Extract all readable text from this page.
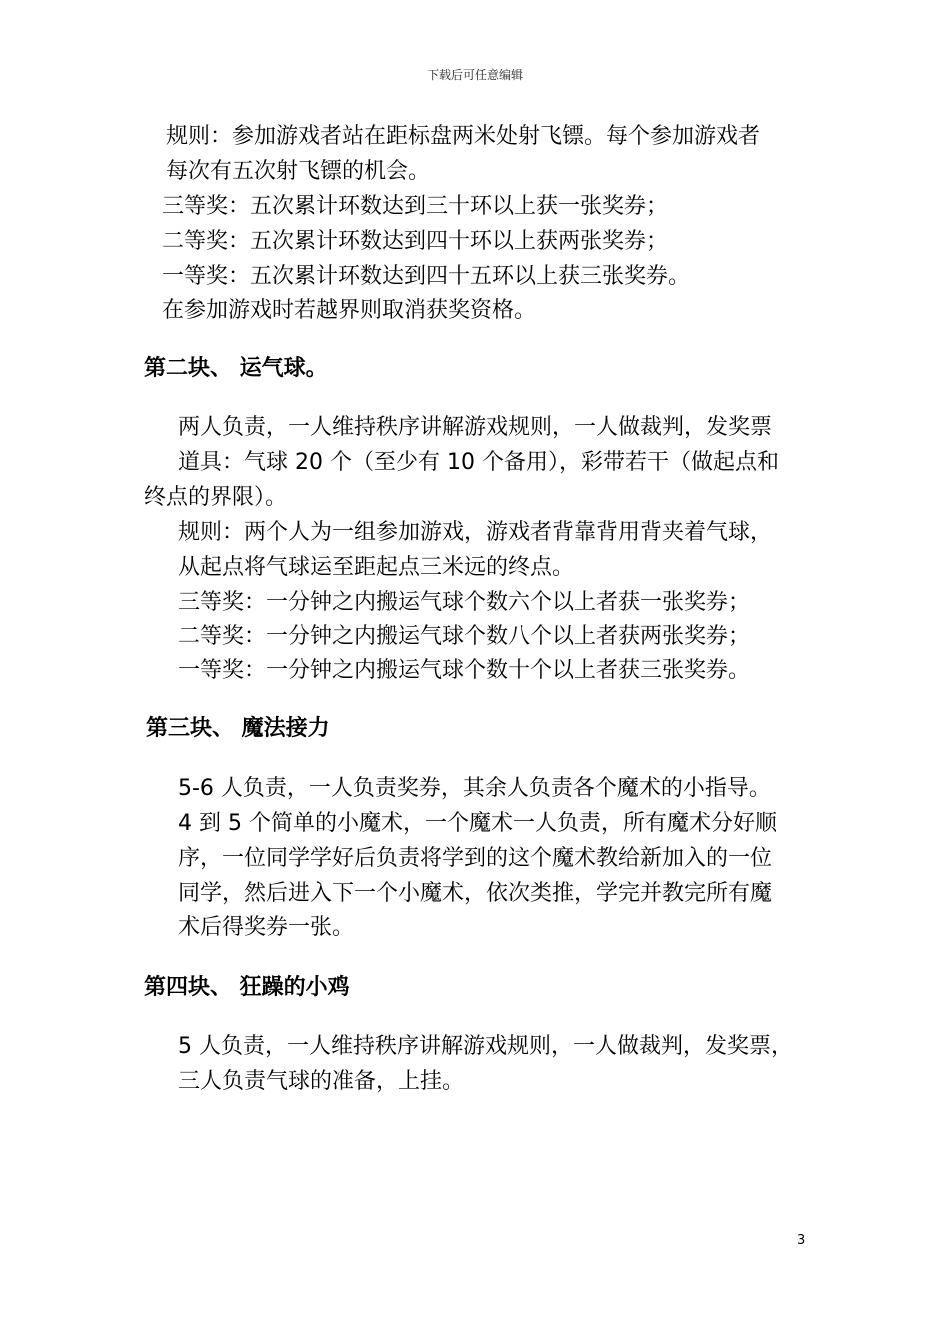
下载后可任意编辑
规则：参加游戏者站在距标盘两米处射飞镖。每个参加游戏者
每次有五次射飞镖的机会。
三等奖：五次累计环数达到三十环以上获一张奖券；
二等奖：五次累计环数达到四十环以上获两张奖券；
一等奖：五次累计环数达到四十五环以上获三张奖券。
在参加游戏时若越界则取消获奖资格。
第二块、 运气球。
两人负责，一人维持秩序讲解游戏规则，一人做裁判，发奖票
道具：气球 20 个（至少有 10 个备用），彩带若干（做起点和
终点的界限）。
规则：两个人为一组参加游戏，游戏者背靠背用背夹着气球，
从起点将气球运至距起点三米远的终点。
三等奖：一分钟之内搬运气球个数六个以上者获一张奖券；
二等奖：一分钟之内搬运气球个数八个以上者获两张奖券；
一等奖：一分钟之内搬运气球个数十个以上者获三张奖券。
第三块、 魔法接力
5-6 人负责，一人负责奖券，其余人负责各个魔术的小指导。
4 到 5 个简单的小魔术，一个魔术一人负责，所有魔术分好顺
序，一位同学学好后负责将学到的这个魔术教给新加入的一位
同学，然后进入下一个小魔术，依次类推，学完并教完所有魔
术后得奖券一张。
第四块、 狂躁的小鸡
5 人负责，一人维持秩序讲解游戏规则，一人做裁判，发奖票，
三人负责气球的准备，上挂。
3
